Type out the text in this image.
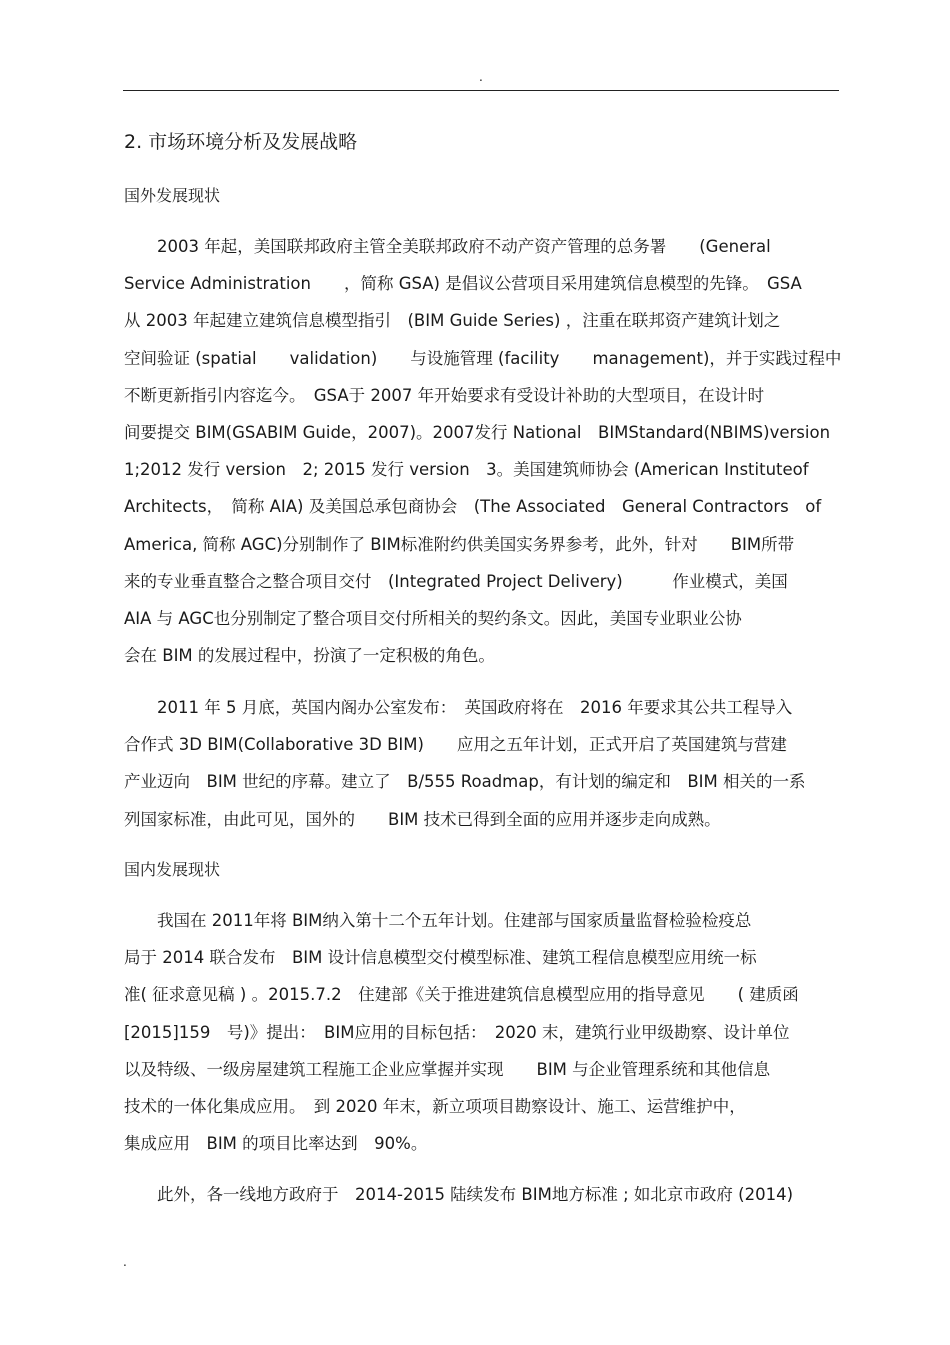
.
2. 市场环境分析及发展战略
国外发展现状
2003 年起，美国联邦政府主管全美联邦政府不动产资产管理的总务署　　(General
Service Administration　　，简称 GSA) 是倡议公营项目采用建筑信息模型的先锋。　GSA
从 2003 年起建立建筑信息模型指引　(BIM Guide Series) ，注重在联邦资产建筑计划之
空间验证 (spatial　　validation)　　与设施管理 (facility　　management)，并于实践过程中
不断更新指引内容迄今。　GSA于 2007 年开始要求有受设计补助的大型项目，在设计时
间要提交 BIM(GSABIM Guide，2007)。2007发行 National　BIMStandard(NBIMS)version
1;2012 发行 version　2; 2015 发行 version　3。美国建筑师协会 (American Instituteof
Architects，　简称 AIA) 及美国总承包商协会　(The Associated　General Contractors　of
America, 简称 AGC)分别制作了 BIM标准附约供美国实务界参考，此外，针对　　BIM所带
来的专业垂直整合之整合项目交付　(Integrated Project Delivery)　　　作业模式，美国
AIA 与 AGC也分别制定了整合项目交付所相关的契约条文。因此，美国专业职业公协
会在 BIM 的发展过程中，扮演了一定积极的角色。
2011 年 5 月底，英国内阁办公室发布：　英国政府将在　2016 年要求其公共工程导入
合作式 3D BIM(Collaborative 3D BIM)　　应用之五年计划，正式开启了英国建筑与营建
产业迈向　BIM 世纪的序幕。建立了　B/555 Roadmap，有计划的编定和　BIM 相关的一系
列国家标准，由此可见，国外的　　BIM 技术已得到全面的应用并逐步走向成熟。
国内发展现状
我国在 2011年将 BIM纳入第十二个五年计划。住建部与国家质量监督检验检疫总
局于 2014 联合发布　BIM 设计信息模型交付模型标准、建筑工程信息模型应用统一标
准( 征求意见稿 ) 。2015.7.2　住建部《关于推进建筑信息模型应用的指导意见　　( 建质函
[2015]159　号)》提出：　BIM应用的目标包括：　2020 末，建筑行业甲级勘察、设计单位
以及特级、一级房屋建筑工程施工企业应掌握并实现　　BIM 与企业管理系统和其他信息
技术的一体化集成应用。　到 2020 年末，新立项项目勘察设计、施工、运营维护中，
集成应用　BIM 的项目比率达到　90%。
此外，各一线地方政府于　2014-2015 陆续发布 BIM地方标准 ; 如北京市政府 (2014)
.
